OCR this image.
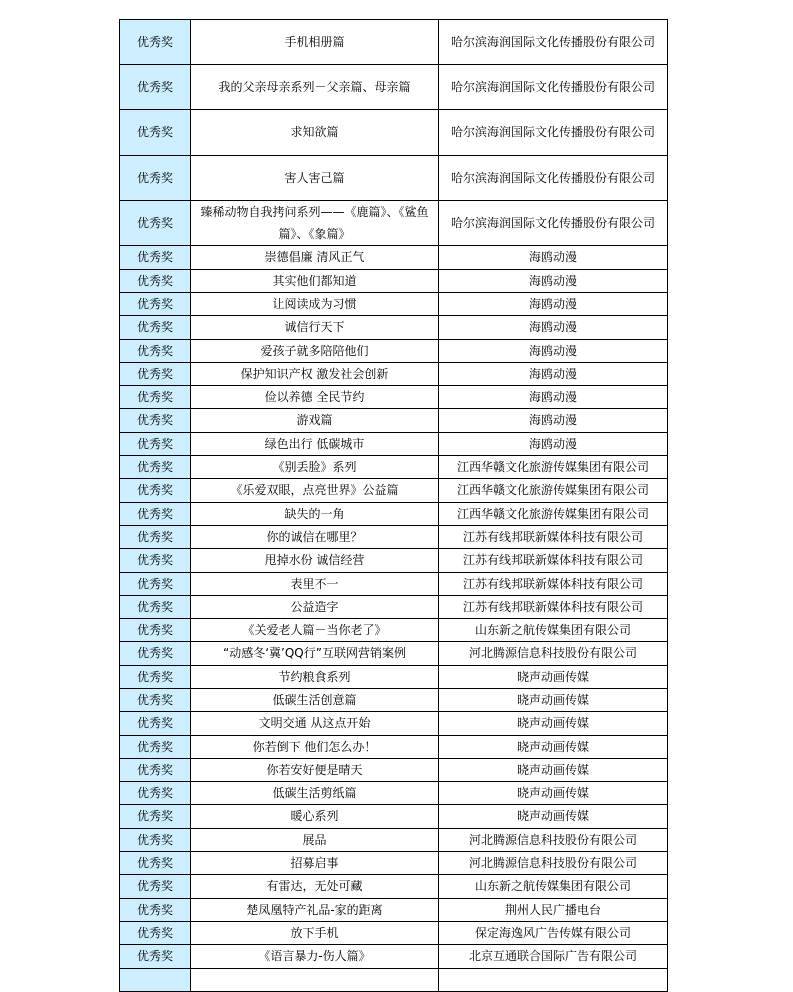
优秀奖	手机相册篇	哈尔滨海润国际文化传播股份有限公司
优秀奖	我的父亲母亲系列－父亲篇、母亲篇	哈尔滨海润国际文化传播股份有限公司
优秀奖	求知欲篇	哈尔滨海润国际文化传播股份有限公司
优秀奖	害人害己篇	哈尔滨海润国际文化传播股份有限公司
优秀奖	臻稀动物自我拷问系列——《鹿篇》、《鲨鱼篇》、《象篇》	哈尔滨海润国际文化传播股份有限公司
优秀奖	崇德倡廉 清风正气	海鸥动漫
优秀奖	其实他们都知道	海鸥动漫
优秀奖	让阅读成为习惯	海鸥动漫
优秀奖	诚信行天下	海鸥动漫
优秀奖	爱孩子就多陪陪他们	海鸥动漫
优秀奖	保护知识产权 激发社会创新	海鸥动漫
优秀奖	俭以养德 全民节约	海鸥动漫
优秀奖	游戏篇	海鸥动漫
优秀奖	绿色出行 低碳城市	海鸥动漫
优秀奖	《别丢脸》系列	江西华赣文化旅游传媒集团有限公司
优秀奖	《乐爱双眼，点亮世界》公益篇	江西华赣文化旅游传媒集团有限公司
优秀奖	缺失的一角	江西华赣文化旅游传媒集团有限公司
优秀奖	你的诚信在哪里？	江苏有线邦联新媒体科技有限公司
优秀奖	甩掉水份 诚信经营	江苏有线邦联新媒体科技有限公司
优秀奖	表里不一	江苏有线邦联新媒体科技有限公司
优秀奖	公益造字	江苏有线邦联新媒体科技有限公司
优秀奖	《关爱老人篇－当你老了》	山东新之航传媒集团有限公司
优秀奖	“动感冬‘冀’QQ行”互联网营销案例	河北腾源信息科技股份有限公司
优秀奖	节约粮食系列	晓声动画传媒
优秀奖	低碳生活创意篇	晓声动画传媒
优秀奖	文明交通 从这点开始	晓声动画传媒
优秀奖	你若倒下 他们怎么办！	晓声动画传媒
优秀奖	你若安好便是晴天	晓声动画传媒
优秀奖	低碳生活剪纸篇	晓声动画传媒
优秀奖	暖心系列	晓声动画传媒
优秀奖	展品	河北腾源信息科技股份有限公司
优秀奖	招募启事	河北腾源信息科技股份有限公司
优秀奖	有雷达，无处可藏	山东新之航传媒集团有限公司
优秀奖	楚凤凰特产礼品-家的距离	荆州人民广播电台
优秀奖	放下手机	保定海逸风广告传媒有限公司
优秀奖	《语言暴力-伤人篇》	北京互通联合国际广告有限公司
